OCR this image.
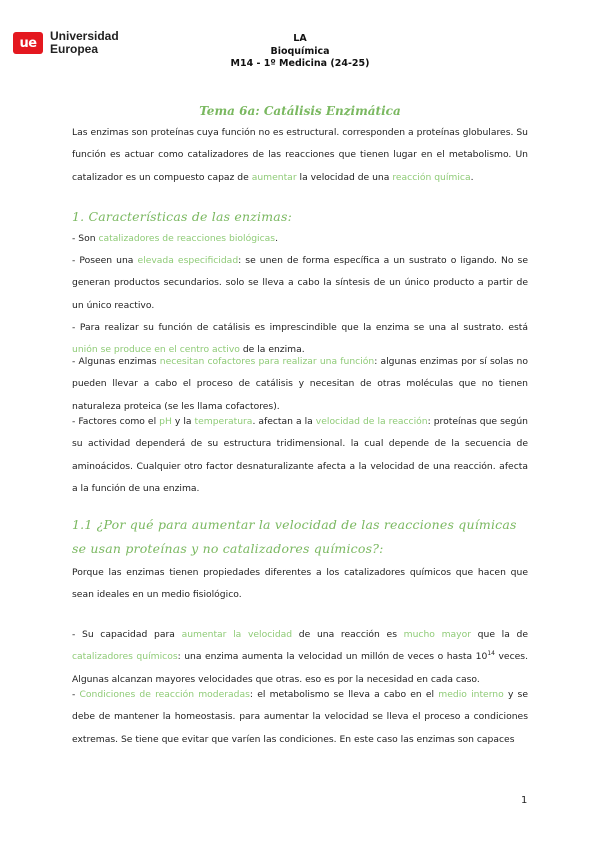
ue	Universidad
Europea
LA
Bioquímica
M14 - 1º Medicina (24-25)
Tema 6a: Catálisis Enzimática

Las enzimas son proteínas cuya función no es estructural. corresponden a proteínas globulares. Su función es actuar como catalizadores de las reacciones que tienen lugar en el metabolismo. Un catalizador es un compuesto capaz de aumentar la velocidad de una reacción química.

1. Características de las enzimas:

- Son catalizadores de reacciones biológicas.

- Poseen una elevada especificidad: se unen de forma específica a un sustrato o ligando. No se generan productos secundarios. solo se lleva a cabo la síntesis de un único producto a partir de un único reactivo.

- Para realizar su función de catálisis es imprescindible que la enzima se una al sustrato. está unión se produce en el centro activo de la enzima.

- Algunas enzimas necesitan cofactores para realizar una función: algunas enzimas por sí solas no pueden llevar a cabo el proceso de catálisis y necesitan de otras moléculas que no tienen naturaleza proteica (se les llama cofactores).

- Factores como el pH y la temperatura. afectan a la velocidad de la reacción: proteínas que según su actividad dependerá de su estructura tridimensional. la cual depende de la secuencia de aminoácidos. Cualquier otro factor desnaturalizante afecta a la velocidad de una reacción. afecta a la función de una enzima.

1.1 ¿Por qué para aumentar la velocidad de las reacciones químicas se usan proteínas y no catalizadores químicos?:

Porque las enzimas tienen propiedades diferentes a los catalizadores químicos que hacen que sean ideales en un medio fisiológico.

- Su capacidad para aumentar la velocidad de una reacción es mucho mayor que la de catalizadores químicos: una enzima aumenta la velocidad un millón de veces o hasta $10^{14}$ veces. Algunas alcanzan mayores velocidades que otras. eso es por la necesidad en cada caso.

- Condiciones de reacción moderadas: el metabolismo se lleva a cabo en el medio interno y se debe de mantener la homeostasis. para aumentar la velocidad se lleva el proceso a condiciones extremas. Se tiene que evitar que varíen las condiciones. En este caso las enzimas son capaces

1
